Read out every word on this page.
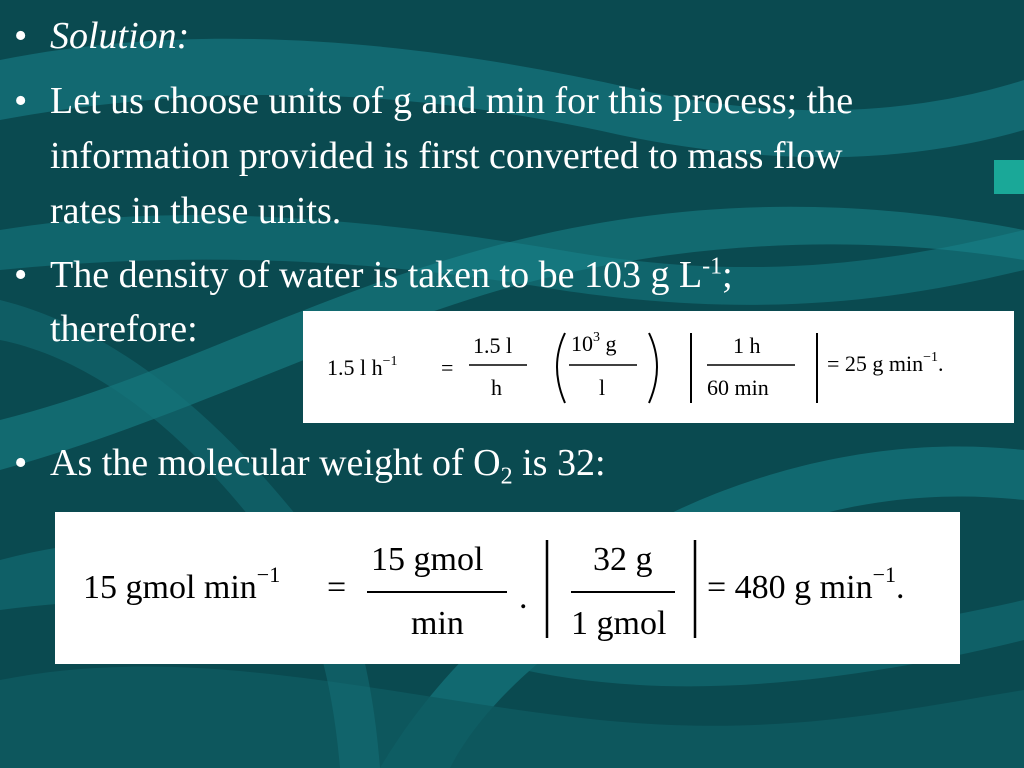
• Solution:
• Let us choose units of g and min for this process; the
information provided is first converted to mass flow
rates in these units.
• The density of water is taken to be 103 g $L^{-1}$;
therefore:
• As the molecular weight of $O_2$ is 32:
1.5 l $h^{-1}$ =
1.5 l
h
$10^3$ g
l
1 h
60 min
= 25 g $\min^{-1}$.
15 gmol $\min^{-1}$ =
15 gmol
min
.
32 g
1 gmol
= 480 g $\min^{-1}$.
